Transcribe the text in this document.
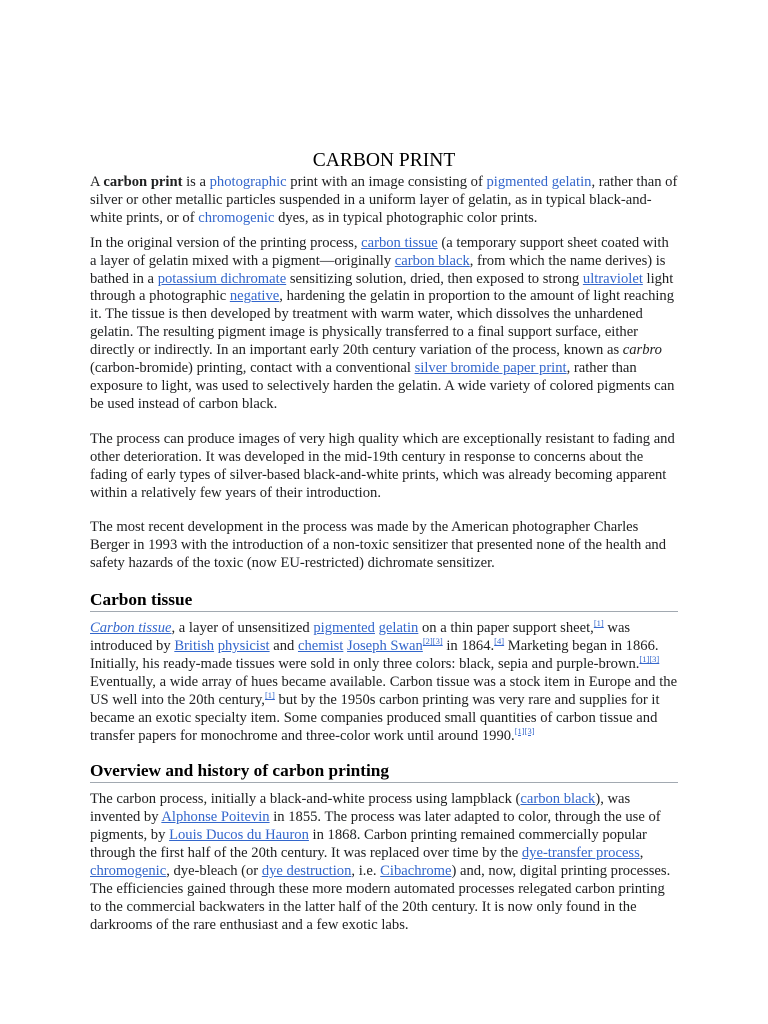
CARBON PRINT

A carbon print is a photographic print with an image consisting of pigmented gelatin, rather than of silver or other metallic particles suspended in a uniform layer of gelatin, as in typical black-and-white prints, or of chromogenic dyes, as in typical photographic color prints.

In the original version of the printing process, carbon tissue (a temporary support sheet coated with a layer of gelatin mixed with a pigment—originally carbon black, from which the name derives) is bathed in a potassium dichromate sensitizing solution, dried, then exposed to strong ultraviolet light through a photographic negative, hardening the gelatin in proportion to the amount of light reaching it. The tissue is then developed by treatment with warm water, which dissolves the unhardened gelatin. The resulting pigment image is physically transferred to a final support surface, either directly or indirectly. In an important early 20th century variation of the process, known as carbro (carbon-bromide) printing, contact with a conventional silver bromide paper print, rather than exposure to light, was used to selectively harden the gelatin. A wide variety of colored pigments can be used instead of carbon black.

The process can produce images of very high quality which are exceptionally resistant to fading and other deterioration. It was developed in the mid-19th century in response to concerns about the fading of early types of silver-based black-and-white prints, which was already becoming apparent within a relatively few years of their introduction.

The most recent development in the process was made by the American photographer Charles Berger in 1993 with the introduction of a non-toxic sensitizer that presented none of the health and safety hazards of the toxic (now EU-restricted) dichromate sensitizer.

Carbon tissue

Carbon tissue, a layer of unsensitized pigmented gelatin on a thin paper support sheet,[1] was introduced by British physicist and chemist Joseph Swan[2][3] in 1864.[4] Marketing began in 1866. Initially, his ready-made tissues were sold in only three colors: black, sepia and purple-brown.[1][3] Eventually, a wide array of hues became available. Carbon tissue was a stock item in Europe and the US well into the 20th century,[1] but by the 1950s carbon printing was very rare and supplies for it became an exotic specialty item. Some companies produced small quantities of carbon tissue and transfer papers for monochrome and three-color work until around 1990.[1][3]

Overview and history of carbon printing

The carbon process, initially a black-and-white process using lampblack (carbon black), was invented by Alphonse Poitevin in 1855. The process was later adapted to color, through the use of pigments, by Louis Ducos du Hauron in 1868. Carbon printing remained commercially popular through the first half of the 20th century. It was replaced over time by the dye-transfer process, chromogenic, dye-bleach (or dye destruction, i.e. Cibachrome) and, now, digital printing processes. The efficiencies gained through these more modern automated processes relegated carbon printing to the commercial backwaters in the latter half of the 20th century. It is now only found in the darkrooms of the rare enthusiast and a few exotic labs.
